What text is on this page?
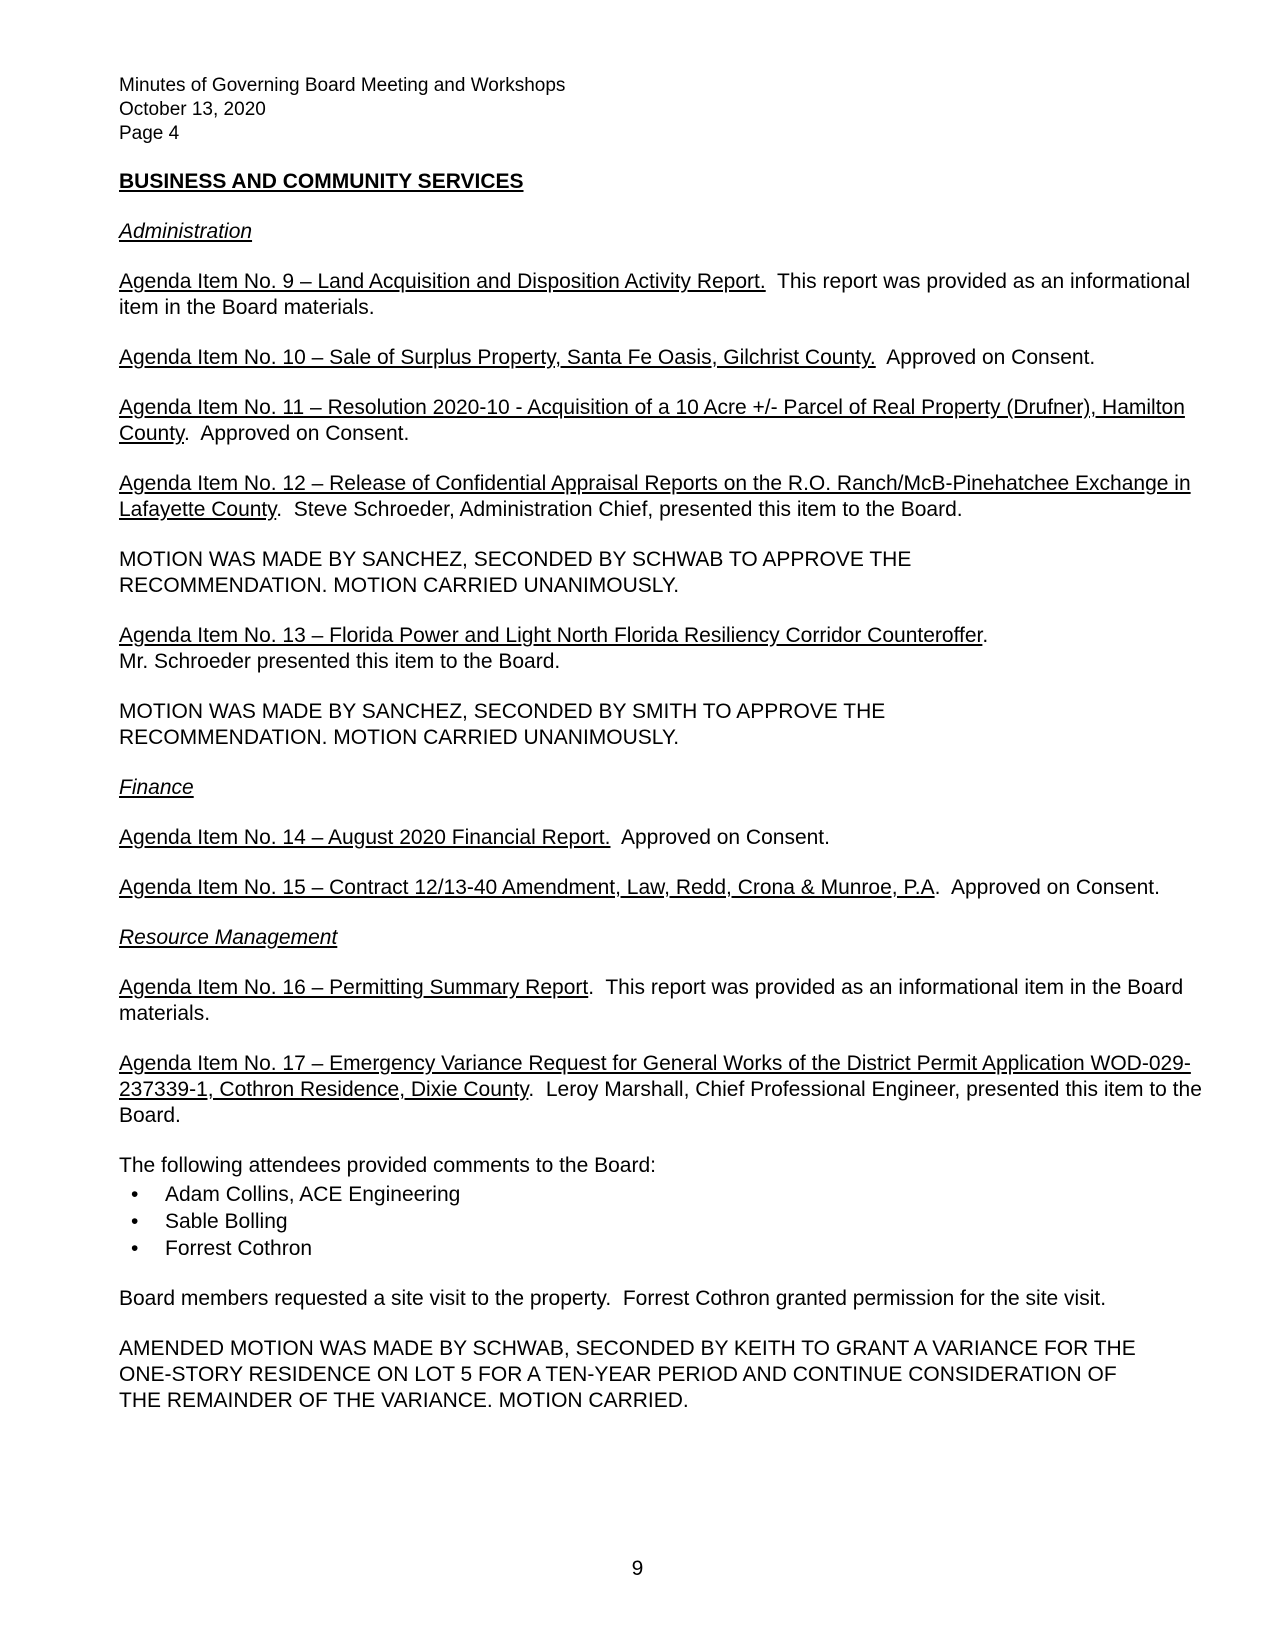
Minutes of Governing Board Meeting and Workshops
October 13, 2020
Page 4
BUSINESS AND COMMUNITY SERVICES
Administration

Agenda Item No. 9 – Land Acquisition and Disposition Activity Report.  This report was provided as an informational item in the Board materials.

Agenda Item No. 10 – Sale of Surplus Property, Santa Fe Oasis, Gilchrist County.  Approved on Consent.

Agenda Item No. 11 – Resolution 2020-10 - Acquisition of a 10 Acre +/- Parcel of Real Property (Drufner), Hamilton County.  Approved on Consent.

Agenda Item No. 12 – Release of Confidential Appraisal Reports on the R.O. Ranch/McB-Pinehatchee Exchange in Lafayette County.  Steve Schroeder, Administration Chief, presented this item to the Board.

MOTION WAS MADE BY SANCHEZ, SECONDED BY SCHWAB TO APPROVE THE RECOMMENDATION. MOTION CARRIED UNANIMOUSLY.

Agenda Item No. 13 – Florida Power and Light North Florida Resiliency Corridor Counteroffer.
Mr. Schroeder presented this item to the Board.

MOTION WAS MADE BY SANCHEZ, SECONDED BY SMITH TO APPROVE THE RECOMMENDATION. MOTION CARRIED UNANIMOUSLY.

Finance

Agenda Item No. 14 – August 2020 Financial Report.  Approved on Consent.

Agenda Item No. 15 – Contract 12/13-40 Amendment, Law, Redd, Crona & Munroe, P.A.  Approved on Consent.

Resource Management

Agenda Item No. 16 – Permitting Summary Report.  This report was provided as an informational item in the Board materials.

Agenda Item No. 17 – Emergency Variance Request for General Works of the District Permit Application WOD-029-237339-1, Cothron Residence, Dixie County.  Leroy Marshall, Chief Professional Engineer, presented this item to the Board.

The following attendees provided comments to the Board:

• Adam Collins, ACE Engineering
• Sable Bolling
• Forrest Cothron

Board members requested a site visit to the property.  Forrest Cothron granted permission for the site visit.

AMENDED MOTION WAS MADE BY SCHWAB, SECONDED BY KEITH TO GRANT A VARIANCE FOR THE ONE-STORY RESIDENCE ON LOT 5 FOR A TEN-YEAR PERIOD AND CONTINUE CONSIDERATION OF THE REMAINDER OF THE VARIANCE. MOTION CARRIED.

9
